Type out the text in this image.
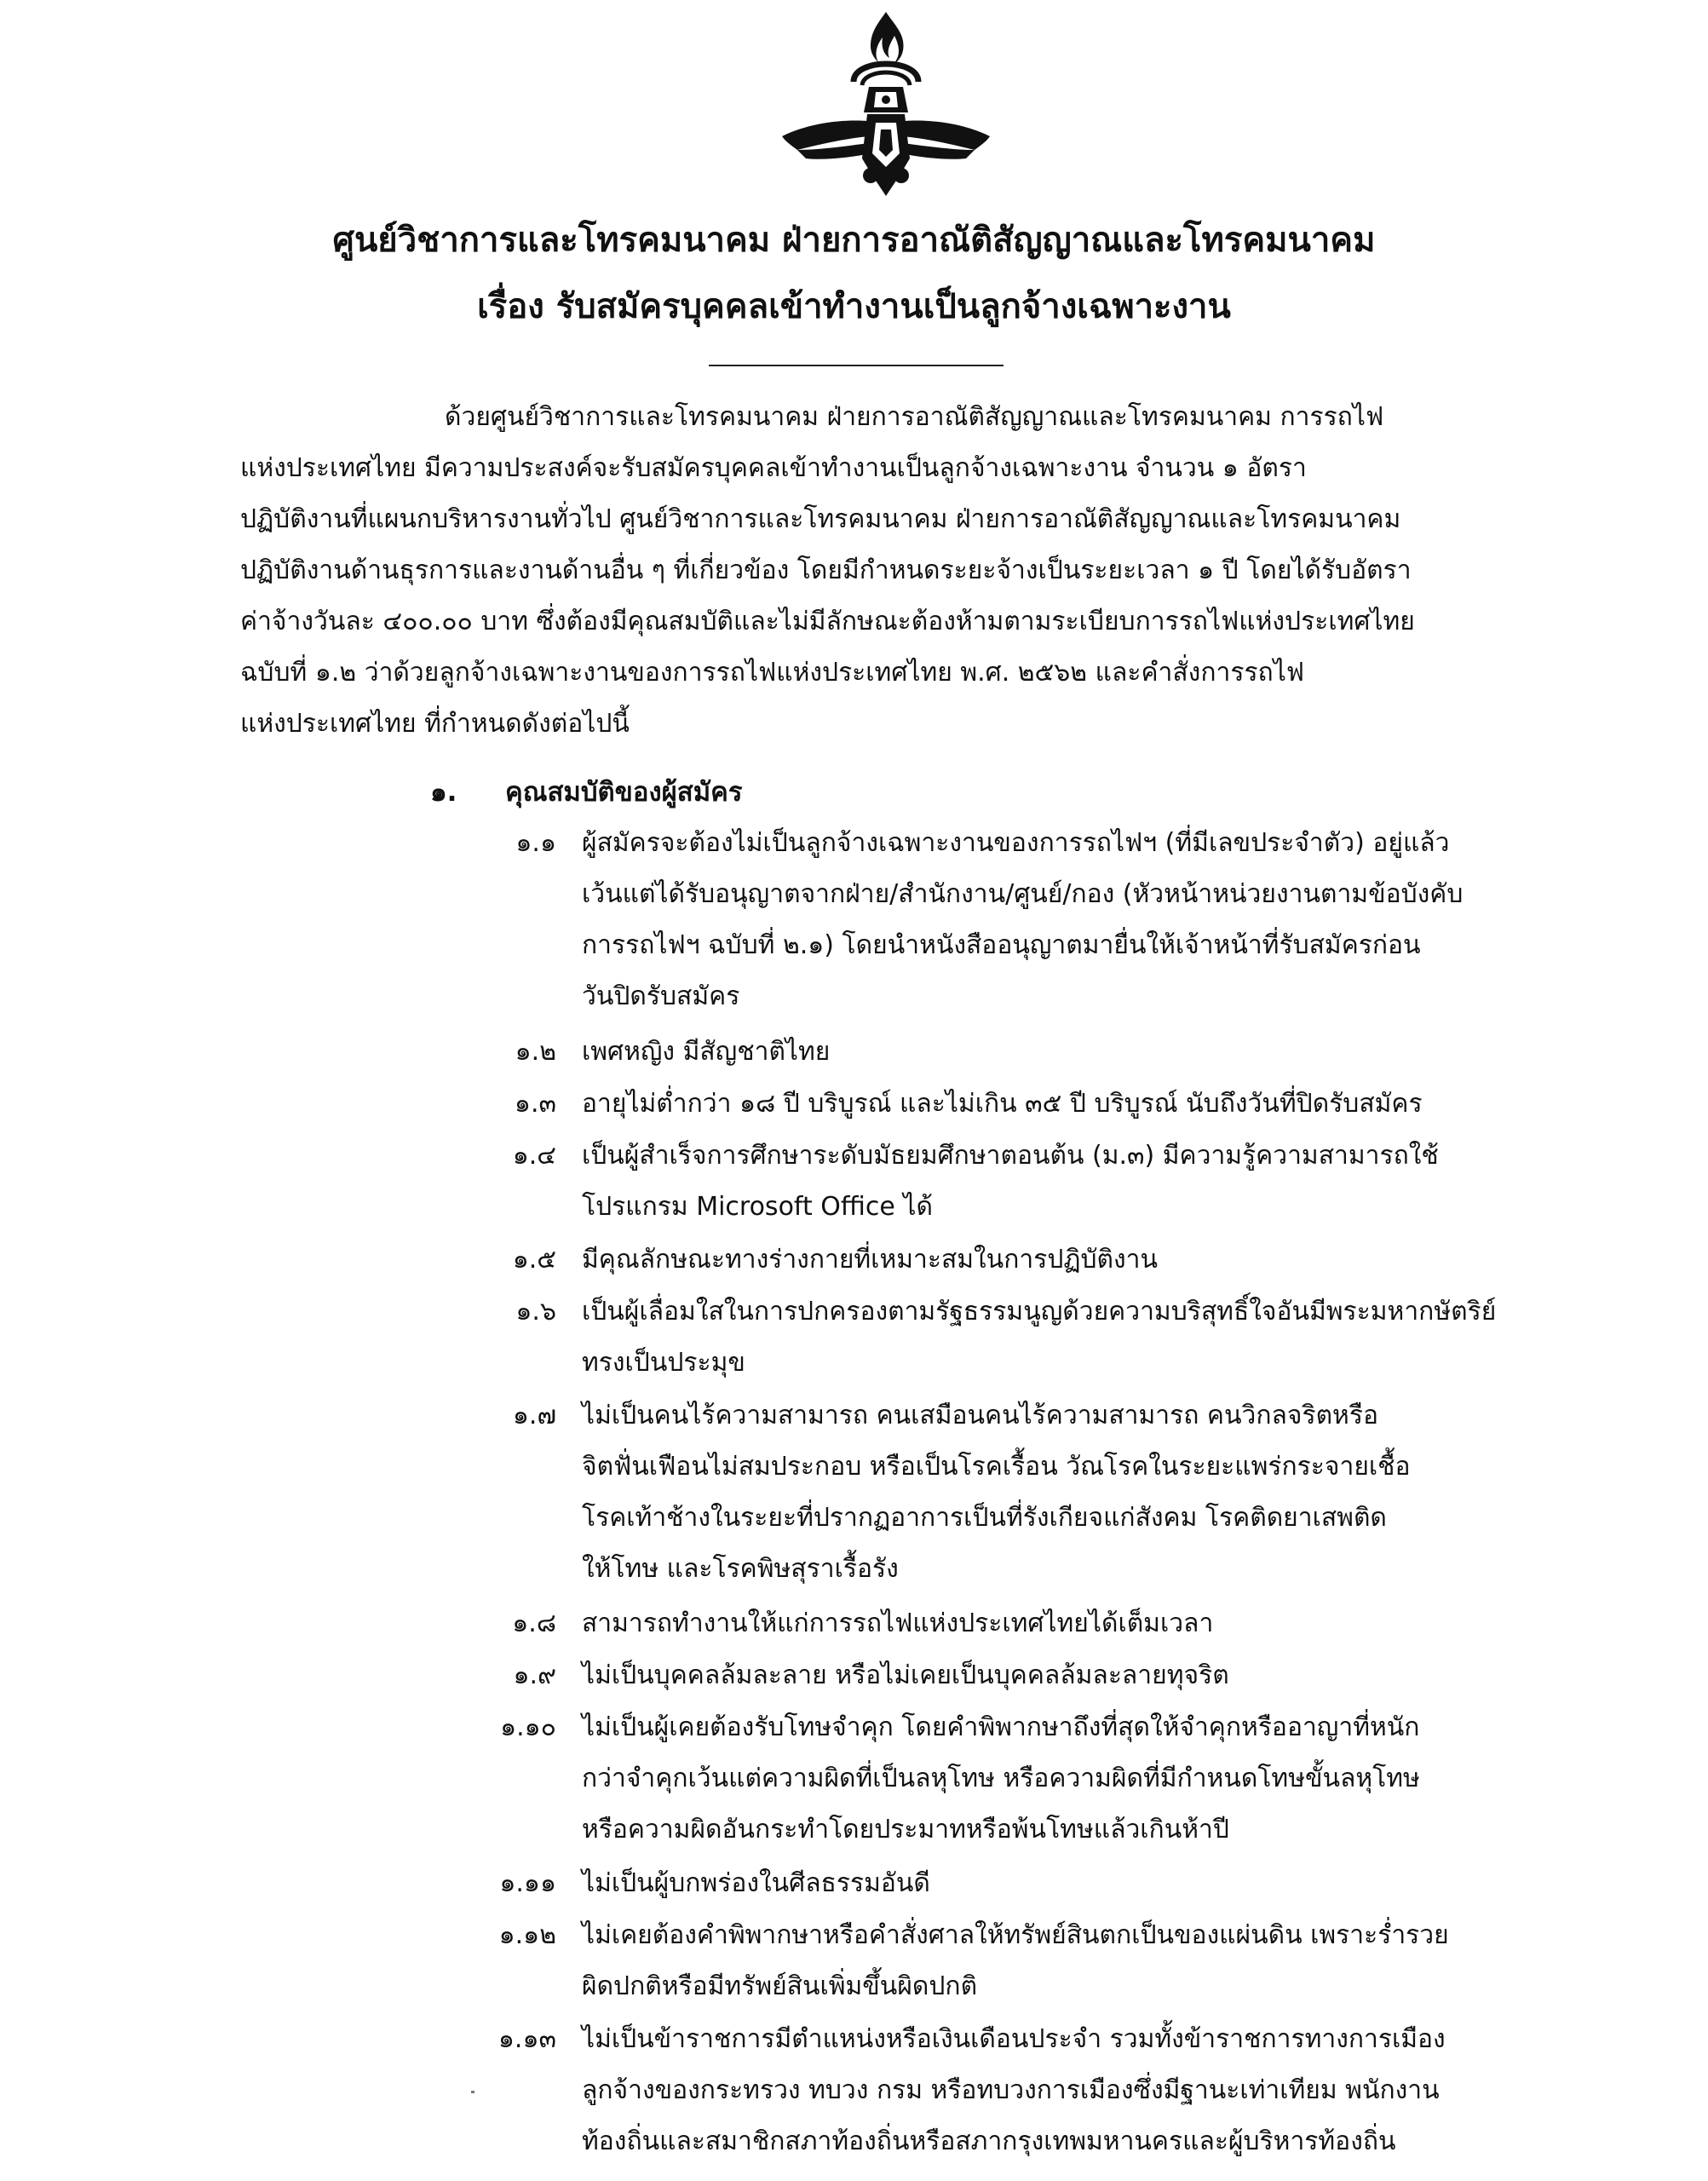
ศูนย์วิชาการและโทรคมนาคม ฝ่ายการอาณัติสัญญาณและโทรคมนาคม
เรื่อง รับสมัครบุคคลเข้าทำงานเป็นลูกจ้างเฉพาะงาน
ด้วยศูนย์วิชาการและโทรคมนาคม ฝ่ายการอาณัติสัญญาณและโทรคมนาคม การรถไฟ
แห่งประเทศไทย มีความประสงค์จะรับสมัครบุคคลเข้าทำงานเป็นลูกจ้างเฉพาะงาน จำนวน ๑ อัตรา
ปฏิบัติงานที่แผนกบริหารงานทั่วไป ศูนย์วิชาการและโทรคมนาคม ฝ่ายการอาณัติสัญญาณและโทรคมนาคม
ปฏิบัติงานด้านธุรการและงานด้านอื่น ๆ ที่เกี่ยวข้อง โดยมีกำหนดระยะจ้างเป็นระยะเวลา ๑ ปี โดยได้รับอัตรา
ค่าจ้างวันละ ๔๐๐.๐๐ บาท ซึ่งต้องมีคุณสมบัติและไม่มีลักษณะต้องห้ามตามระเบียบการรถไฟแห่งประเทศไทย
ฉบับที่ ๑.๒ ว่าด้วยลูกจ้างเฉพาะงานของการรถไฟแห่งประเทศไทย พ.ศ. ๒๕๖๒ และคำสั่งการรถไฟ
แห่งประเทศไทย ที่กำหนดดังต่อไปนี้
๑. คุณสมบัติของผู้สมัคร
๑.๑ ผู้สมัครจะต้องไม่เป็นลูกจ้างเฉพาะงานของการรถไฟฯ (ที่มีเลขประจำตัว) อยู่แล้ว
เว้นแต่ได้รับอนุญาตจากฝ่าย/สำนักงาน/ศูนย์/กอง (หัวหน้าหน่วยงานตามข้อบังคับ
การรถไฟฯ ฉบับที่ ๒.๑) โดยนำหนังสืออนุญาตมายื่นให้เจ้าหน้าที่รับสมัครก่อน
วันปิดรับสมัคร
๑.๒ เพศหญิง มีสัญชาติไทย
๑.๓ อายุไม่ต่ำกว่า ๑๘ ปี บริบูรณ์ และไม่เกิน ๓๕ ปี บริบูรณ์ นับถึงวันที่ปิดรับสมัคร
๑.๔ เป็นผู้สำเร็จการศึกษาระดับมัธยมศึกษาตอนต้น (ม.๓) มีความรู้ความสามารถใช้
โปรแกรม Microsoft Office ได้
๑.๕ มีคุณลักษณะทางร่างกายที่เหมาะสมในการปฏิบัติงาน
๑.๖ เป็นผู้เลื่อมใสในการปกครองตามรัฐธรรมนูญด้วยความบริสุทธิ์ใจอันมีพระมหากษัตริย์
ทรงเป็นประมุข
๑.๗ ไม่เป็นคนไร้ความสามารถ คนเสมือนคนไร้ความสามารถ คนวิกลจริตหรือ
จิตฟั่นเฟือนไม่สมประกอบ หรือเป็นโรคเรื้อน วัณโรคในระยะแพร่กระจายเชื้อ
โรคเท้าช้างในระยะที่ปรากฏอาการเป็นที่รังเกียจแก่สังคม โรคติดยาเสพติด
ให้โทษ และโรคพิษสุราเรื้อรัง
๑.๘ สามารถทำงานให้แก่การรถไฟแห่งประเทศไทยได้เต็มเวลา
๑.๙ ไม่เป็นบุคคลล้มละลาย หรือไม่เคยเป็นบุคคลล้มละลายทุจริต
๑.๑๐ ไม่เป็นผู้เคยต้องรับโทษจำคุก โดยคำพิพากษาถึงที่สุดให้จำคุกหรืออาญาที่หนัก
กว่าจำคุกเว้นแต่ความผิดที่เป็นลหุโทษ หรือความผิดที่มีกำหนดโทษขั้นลหุโทษ
หรือความผิดอันกระทำโดยประมาทหรือพ้นโทษแล้วเกินห้าปี
๑.๑๑ ไม่เป็นผู้บกพร่องในศีลธรรมอันดี
๑.๑๒ ไม่เคยต้องคำพิพากษาหรือคำสั่งศาลให้ทรัพย์สินตกเป็นของแผ่นดิน เพราะร่ำรวย
ผิดปกติหรือมีทรัพย์สินเพิ่มขึ้นผิดปกติ
๑.๑๓ ไม่เป็นข้าราชการมีตำแหน่งหรือเงินเดือนประจำ รวมทั้งข้าราชการทางการเมือง
ลูกจ้างของกระทรวง ทบวง กรม หรือทบวงการเมืองซึ่งมีฐานะเท่าเทียม พนักงาน
ท้องถิ่นและสมาชิกสภาท้องถิ่นหรือสภากรุงเทพมหานครและผู้บริหารท้องถิ่น
